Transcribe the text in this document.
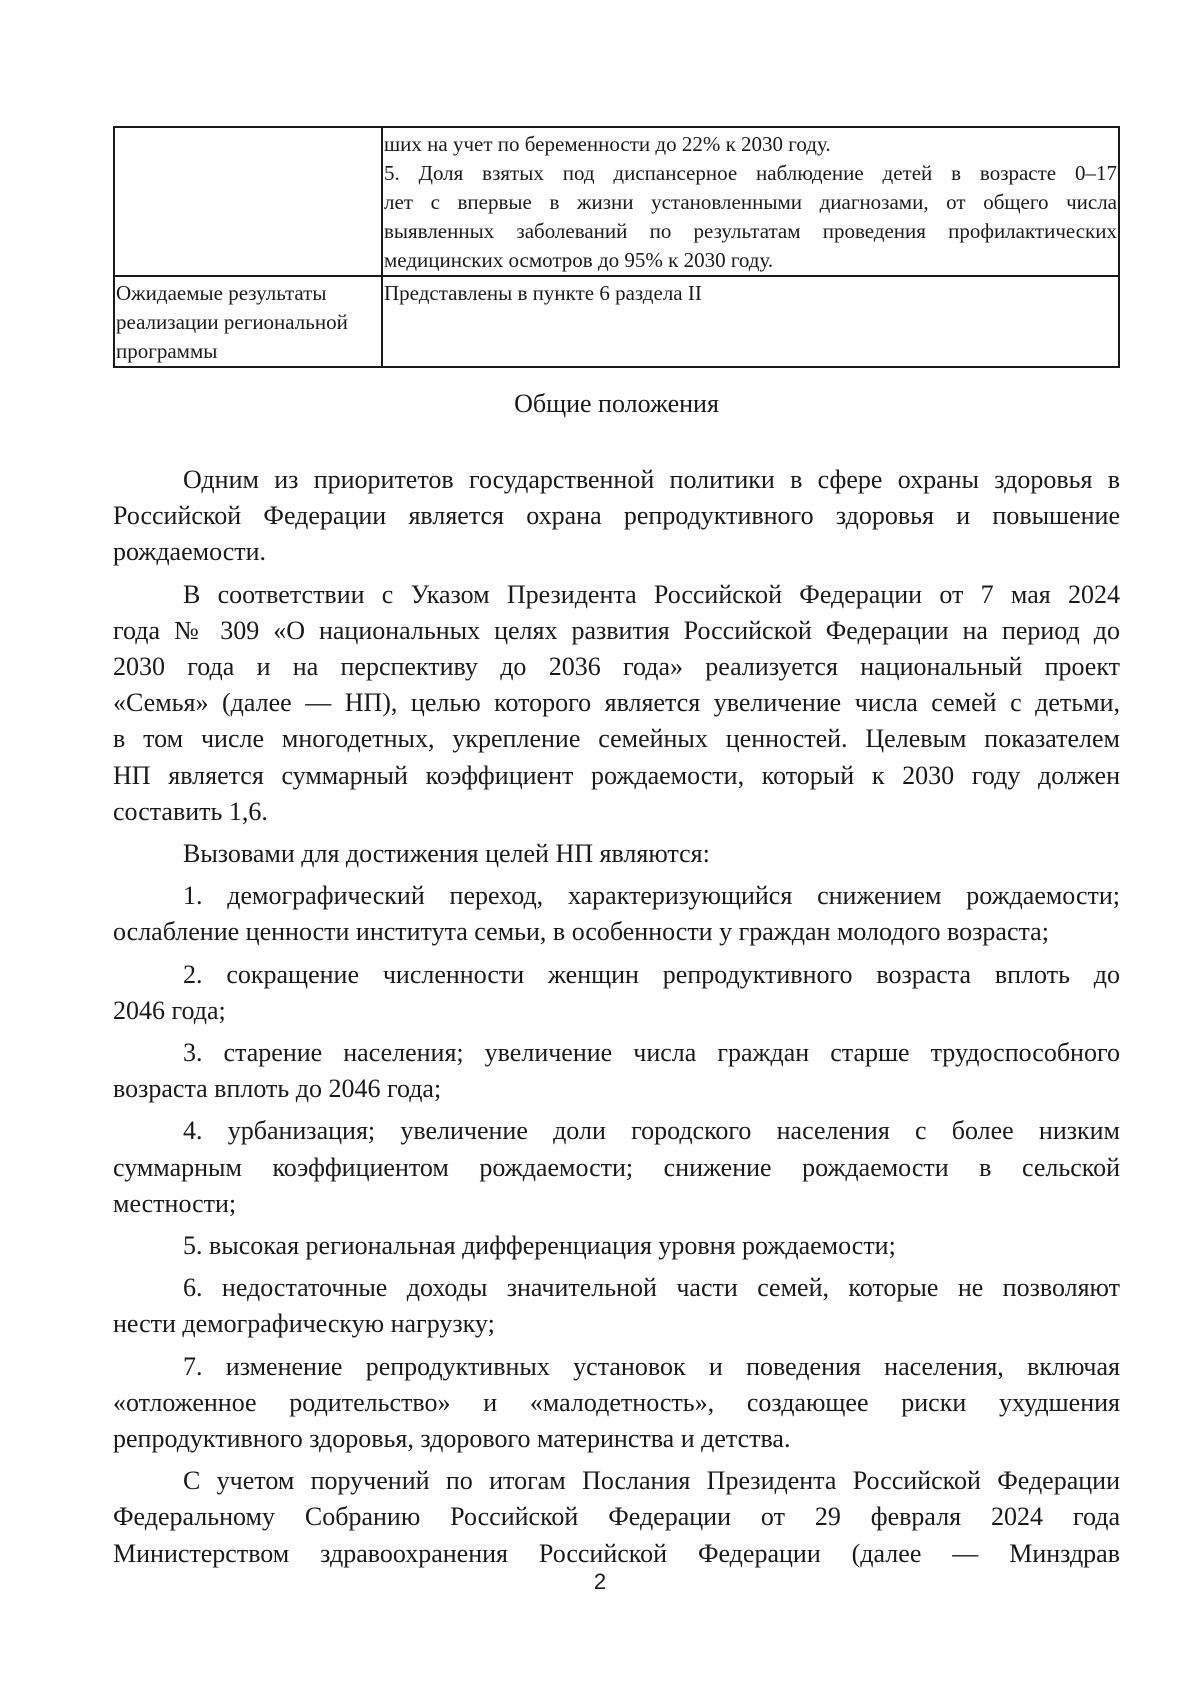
	ших на учет по беременности до 22% к 2030 году.
5. Доля взятых под диспансерное наблюдение детей в возрасте 0–17
лет с впервые в жизни установленными диагнозами, от общего числа
выявленных заболеваний по результатам проведения профилактических
медицинских осмотров до 95% к 2030 году.

Ожидаемые результаты
реализации региональной
программы	Представлены в пункте 6 раздела II
Общие положения

Одним из приоритетов государственной политики в сфере охраны здоровья в
Российской Федерации является охрана репродуктивного здоровья и повышение
рождаемости.

В соответствии с Указом Президента Российской Федерации от 7 мая 2024
года № 309 «О национальных целях развития Российской Федерации на период до
2030 года и на перспективу до 2036 года» реализуется национальный проект
«Семья» (далее — НП), целью которого является увеличение числа семей с детьми,
в том числе многодетных, укрепление семейных ценностей. Целевым показателем
НП является суммарный коэффициент рождаемости, который к 2030 году должен
составить 1,6.

Вызовами для достижения целей НП являются:

1. демографический переход, характеризующийся снижением рождаемости;
ослабление ценности института семьи, в особенности у граждан молодого возраста;

2. сокращение численности женщин репродуктивного возраста вплоть до
2046 года;

3. старение населения; увеличение числа граждан старше трудоспособного
возраста вплоть до 2046 года;

4. урбанизация; увеличение доли городского населения с более низким
суммарным коэффициентом рождаемости; снижение рождаемости в сельской
местности;

5. высокая региональная дифференциация уровня рождаемости;

6. недостаточные доходы значительной части семей, которые не позволяют
нести демографическую нагрузку;

7. изменение репродуктивных установок и поведения населения, включая
«отложенное родительство» и «малодетность», создающее риски ухудшения
репродуктивного здоровья, здорового материнства и детства.

С учетом поручений по итогам Послания Президента Российской Федерации
Федеральному Собранию Российской Федерации от 29 февраля 2024 года
Министерством здравоохранения Российской Федерации (далее — Минздрав

2
